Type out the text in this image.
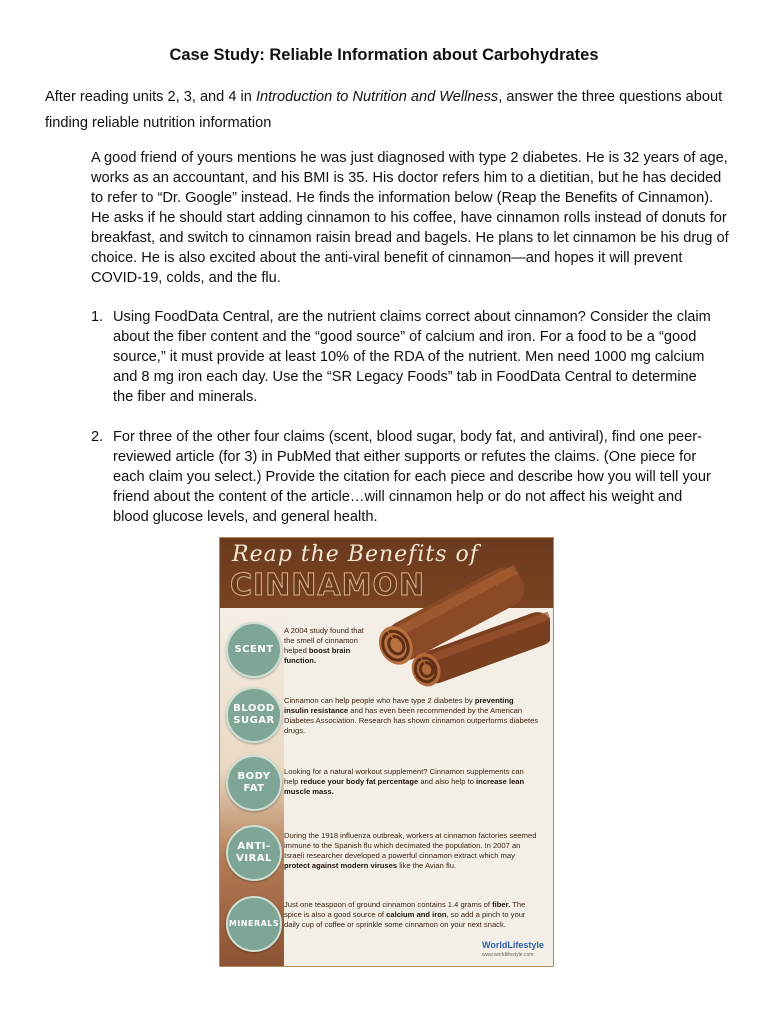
Case Study: Reliable Information about Carbohydrates
After reading units 2, 3, and 4 in Introduction to Nutrition and Wellness, answer the three questions about finding reliable nutrition information
A good friend of yours mentions he was just diagnosed with type 2 diabetes. He is 32 years of age, works as an accountant, and his BMI is 35. His doctor refers him to a dietitian, but he has decided to refer to “Dr. Google” instead. He finds the information below (Reap the Benefits of Cinnamon). He asks if he should start adding cinnamon to his coffee, have cinnamon rolls instead of donuts for breakfast, and switch to cinnamon raisin bread and bagels. He plans to let cinnamon be his drug of choice. He is also excited about the anti-viral benefit of cinnamon—and hopes it will prevent COVID-19, colds, and the flu.
1. Using FoodData Central, are the nutrient claims correct about cinnamon? Consider the claim about the fiber content and the “good source” of calcium and iron. For a food to be a “good source,” it must provide at least 10% of the RDA of the nutrient. Men need 1000 mg calcium and 8 mg iron each day. Use the “SR Legacy Foods” tab in FoodData Central to determine the fiber and minerals.
2. For three of the other four claims (scent, blood sugar, body fat, and antiviral), find one peer-reviewed article (for 3) in PubMed that either supports or refutes the claims. (One piece for each claim you select.) Provide the citation for each piece and describe how you will tell your friend about the content of the article…will cinnamon help or do not affect his weight and blood glucose levels, and general health.
Reap the Benefits of
CINNAMON
SCENT
A 2004 study found that the smell of cinnamon helped boost brain function.
BLOOD SUGAR
Cinnamon can help people who have type 2 diabetes by preventing insulin resistance and has even been recommended by the American Diabetes Association. Research has shown cinnamon outperforms diabetes drugs.
BODY FAT
Looking for a natural workout supplement? Cinnamon supplements can help reduce your body fat percentage and also help to increase lean muscle mass.
ANTI- VIRAL
During the 1918 influenza outbreak, workers at cinnamon factories seemed immune to the Spanish flu which decimated the population. In 2007 an Israeli researcher developed a powerful cinnamon extract which may protect against modern viruses like the Avian flu.
MINERALS
Just one teaspoon of ground cinnamon contains 1.4 grams of fiber. The spice is also a good source of calcium and iron, so add a pinch to your daily cup of coffee or sprinkle some cinnamon on your next snack.
WorldLifestyle
www.worldlifestyle.com
